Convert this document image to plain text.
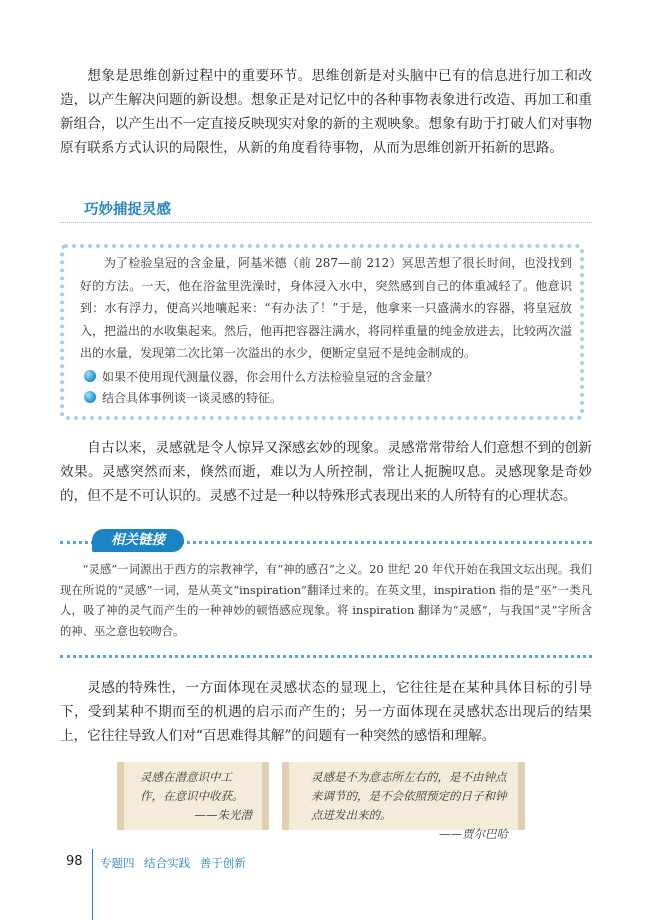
想象是思维创新过程中的重要环节。思维创新是对头脑中已有的信息进行加工和改造，以产生解决问题的新设想。想象正是对记忆中的各种事物表象进行改造、再加工和重新组合，以产生出不一定直接反映现实对象的新的主观映象。想象有助于打破人们对事物原有联系方式认识的局限性，从新的角度看待事物，从而为思维创新开拓新的思路。
巧妙捕捉灵感
为了检验皇冠的含金量，阿基米德（前 287—前 212）冥思苦想了很长时间，也没找到好的方法。一天，他在浴盆里洗澡时，身体浸入水中，突然感到自己的体重减轻了。他意识到：水有浮力，便高兴地嚷起来：“有办法了！”于是，他拿来一只盛满水的容器，将皇冠放入，把溢出的水收集起来。然后，他再把容器注满水，将同样重量的纯金放进去，比较两次溢出的水量，发现第二次比第一次溢出的水少，便断定皇冠不是纯金制成的。
如果不使用现代测量仪器，你会用什么方法检验皇冠的含金量？
结合具体事例谈一谈灵感的特征。
自古以来，灵感就是令人惊异又深感玄妙的现象。灵感常常带给人们意想不到的创新效果。灵感突然而来，倏然而逝，难以为人所控制，常让人扼腕叹息。灵感现象是奇妙的，但不是不可认识的。灵感不过是一种以特殊形式表现出来的人所特有的心理状态。
相关链接
“灵感”一词源出于西方的宗教神学，有“神的感召”之义。20 世纪 20 年代开始在我国文坛出现。我们现在所说的“灵感”一词，是从英文“inspiration”翻译过来的。在英文里，inspiration 指的是“巫”一类凡人，吸了神的灵气而产生的一种神妙的顿悟感应现象。将 inspiration 翻译为“灵感”，与我国“灵”字所含的神、巫之意也较吻合。
灵感的特殊性，一方面体现在灵感状态的显现上，它往往是在某种具体目标的引导下，受到某种不期而至的机遇的启示而产生的；另一方面体现在灵感状态出现后的结果上，它往往导致人们对“百思难得其解”的问题有一种突然的感悟和理解。
灵感在潜意识中工作，在意识中收获。
——朱光潜
灵感是不为意志所左右的，是不由钟点来调节的，是不会依照预定的日子和钟点迸发出来的。
——贾尔巴哈
98 专题四 结合实践 善于创新
